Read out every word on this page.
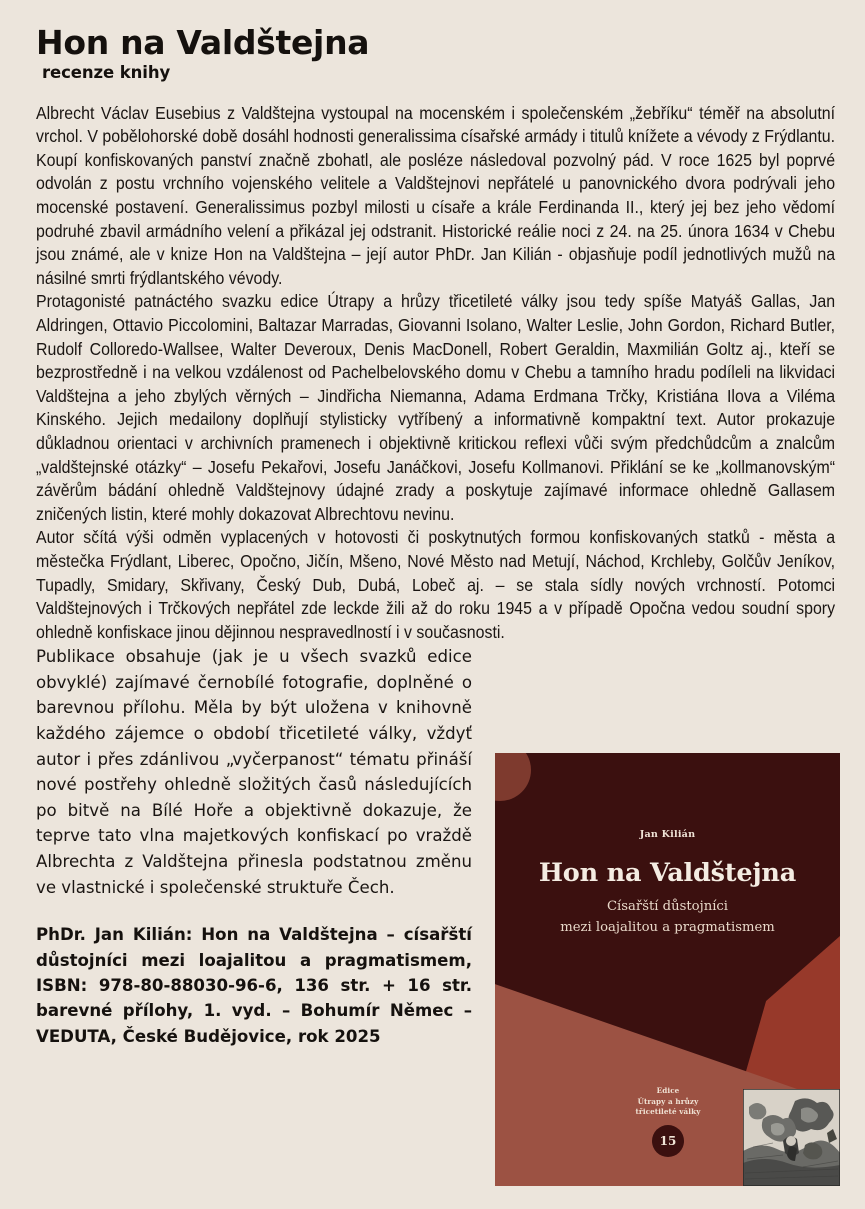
Hon na Valdštejna
recenze knihy

Albrecht Václav Eusebius z Valdštejna vystoupal na mocenském i společenském „žebříku“ téměř na absolutní vrchol. V pobělohorské době dosáhl hodnosti generalissima císařské armády i titulů knížete a vévody z Frýdlantu. Koupí konfiskovaných panství značně zbohatl, ale posléze následoval pozvolný pád. V roce 1625 byl poprvé odvolán z postu vrchního vojenského velitele a Valdštejnovi nepřátelé u panovnického dvora podrývali jeho mocenské postavení. Generalissimus pozbyl milosti u císaře a krále Ferdinanda II., který jej bez jeho vědomí podruhé zbavil armádního velení a přikázal jej odstranit. Historické reálie noci z 24. na 25. února 1634 v Chebu jsou známé, ale v knize Hon na Valdštejna – její autor PhDr. Jan Kilián - objasňuje podíl jednotlivých mužů na násilné smrti frýdlantského vévody.

Protagonisté patnáctého svazku edice Útrapy a hrůzy třicetileté války jsou tedy spíše Matyáš Gallas, Jan Aldringen, Ottavio Piccolomini, Baltazar Marradas, Giovanni Isolano, Walter Leslie, John Gordon, Richard Butler, Rudolf Colloredo-Wallsee, Walter Deveroux, Denis MacDonell, Robert Geraldin, Maxmilián Goltz aj., kteří se bezprostředně i na velkou vzdálenost od Pachelbelovského domu v Chebu a tamního hradu podíleli na likvidaci Valdštejna a jeho zbylých věrných – Jindřicha Niemanna, Adama Erdmana Trčky, Kristiána Ilova a Viléma Kinského. Jejich medailony doplňují stylisticky vytříbený a informativně kompaktní text. Autor prokazuje důkladnou orientaci v archivních pramenech i objektivně kritickou reflexi vůči svým předchůdcům a znalcům „valdštejnské otázky“ – Josefu Pekařovi, Josefu Janáčkovi, Josefu Kollmanovi. Přiklání se ke „kollmanovským“ závěrům bádání ohledně Valdštejnovy údajné zrady a poskytuje zajímavé informace ohledně Gallasem zničených listin, které mohly dokazovat Albrechtovu nevinu.

Autor sčítá výši odměn vyplacených v hotovosti či poskytnutých formou konfiskovaných statků - města a městečka Frýdlant, Liberec, Opočno, Jičín, Mšeno, Nové Město nad Metují, Náchod, Krchleby, Golčův Jeníkov, Tupadly, Smidary, Skřivany, Český Dub, Dubá, Lobeč aj. – se stala sídly nových vrchností. Potomci Valdštejnových i Trčkových nepřátel zde leckde žili až do roku 1945 a v případě Opočna vedou soudní spory ohledně konfiskace jinou dějinnou nespravedlností i v současnosti.

Publikace obsahuje (jak je u všech svazků edice obvyklé) zajímavé černobílé fotografie, doplněné o barevnou přílohu. Měla by být uložena v knihovně každého zájemce o období třicetileté války, vždyť autor i přes zdánlivou „vyčerpanost“ tématu přináší nové postřehy ohledně složitých časů následujících po bitvě na Bílé Hoře a objektivně dokazuje, že teprve tato vlna majetkových konfiskací po vraždě Albrechta z Valdštejna přinesla podstatnou změnu ve vlastnické i společenské struktuře Čech.

PhDr. Jan Kilián: Hon na Valdštejna – císařští důstojníci mezi loajalitou a pragmatismem, ISBN: 978-80-88030-96-6, 136 str. + 16 str. barevné přílohy, 1. vyd. – Bohumír Němec – VEDUTA, České Budějovice, rok 2025

Jan Kilián
Hon na Valdštejna
Císařští důstojníci
mezi loajalitou a pragmatismem
Edice
Útrapy a hrůzy
třicetileté války
15
